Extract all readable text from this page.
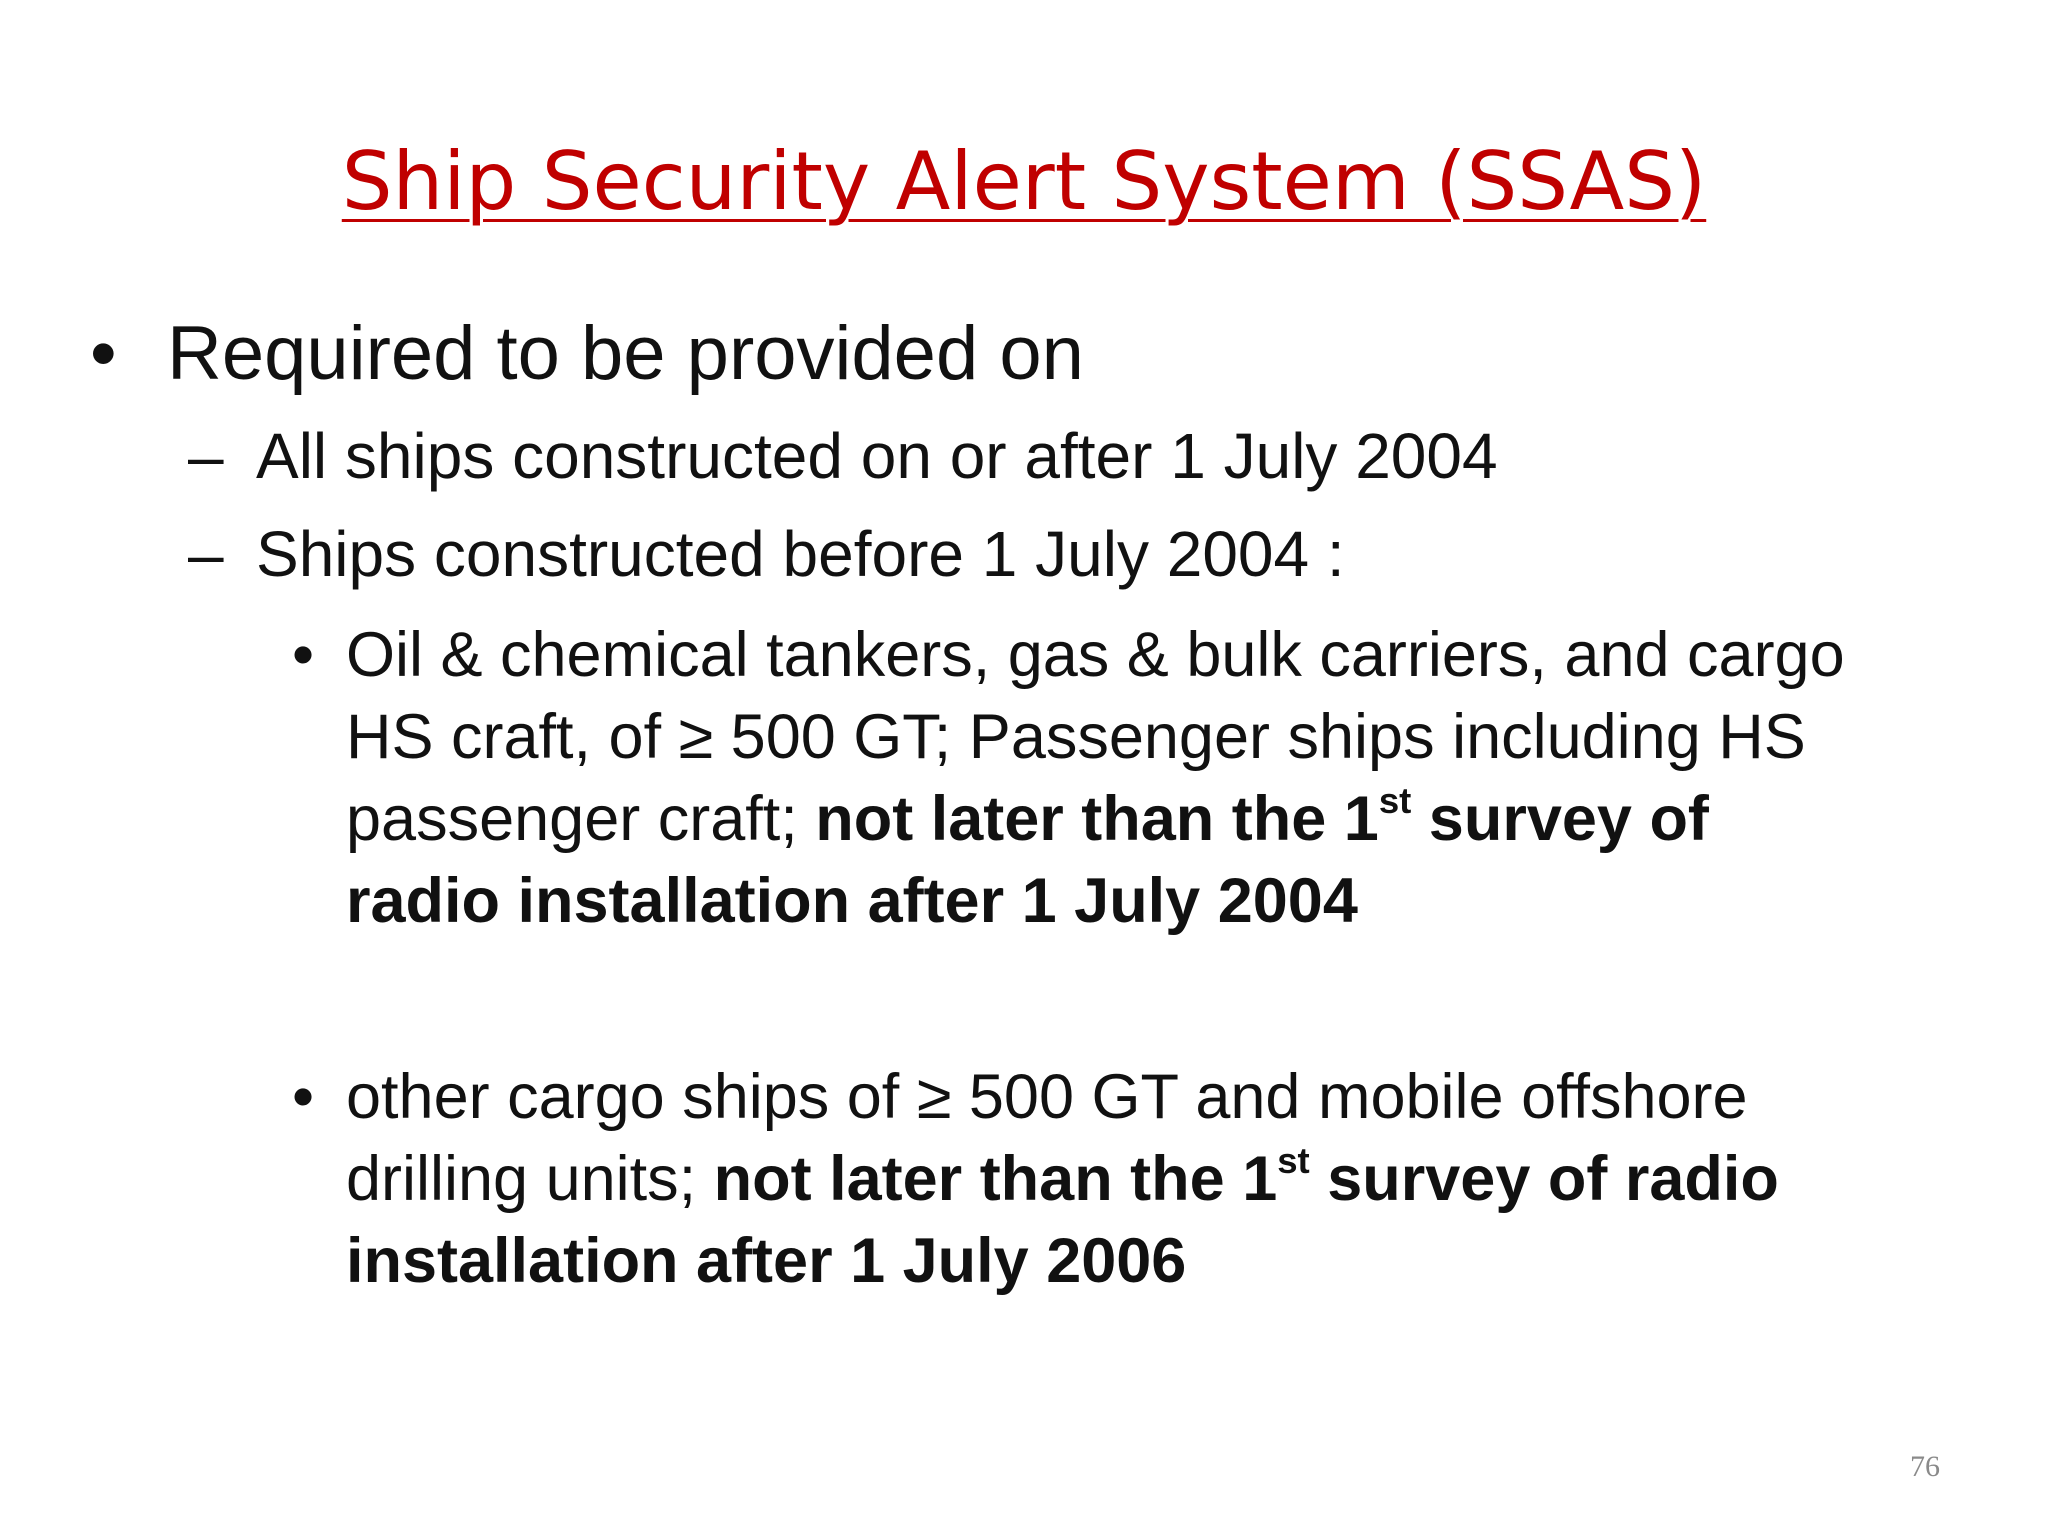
Ship Security Alert System (SSAS)
• Required to be provided on
– All ships constructed on or after 1 July 2004
– Ships constructed before 1 July 2004 :
• Oil & chemical tankers, gas & bulk carriers, and cargo
HS craft, of ≥ 500 GT; Passenger ships including HS
passenger craft; not later than the 1st survey of
radio installation after 1 July 2004
• other cargo ships of ≥ 500 GT and mobile offshore
drilling units; not later than the 1st survey of radio
installation after 1 July 2006
76
